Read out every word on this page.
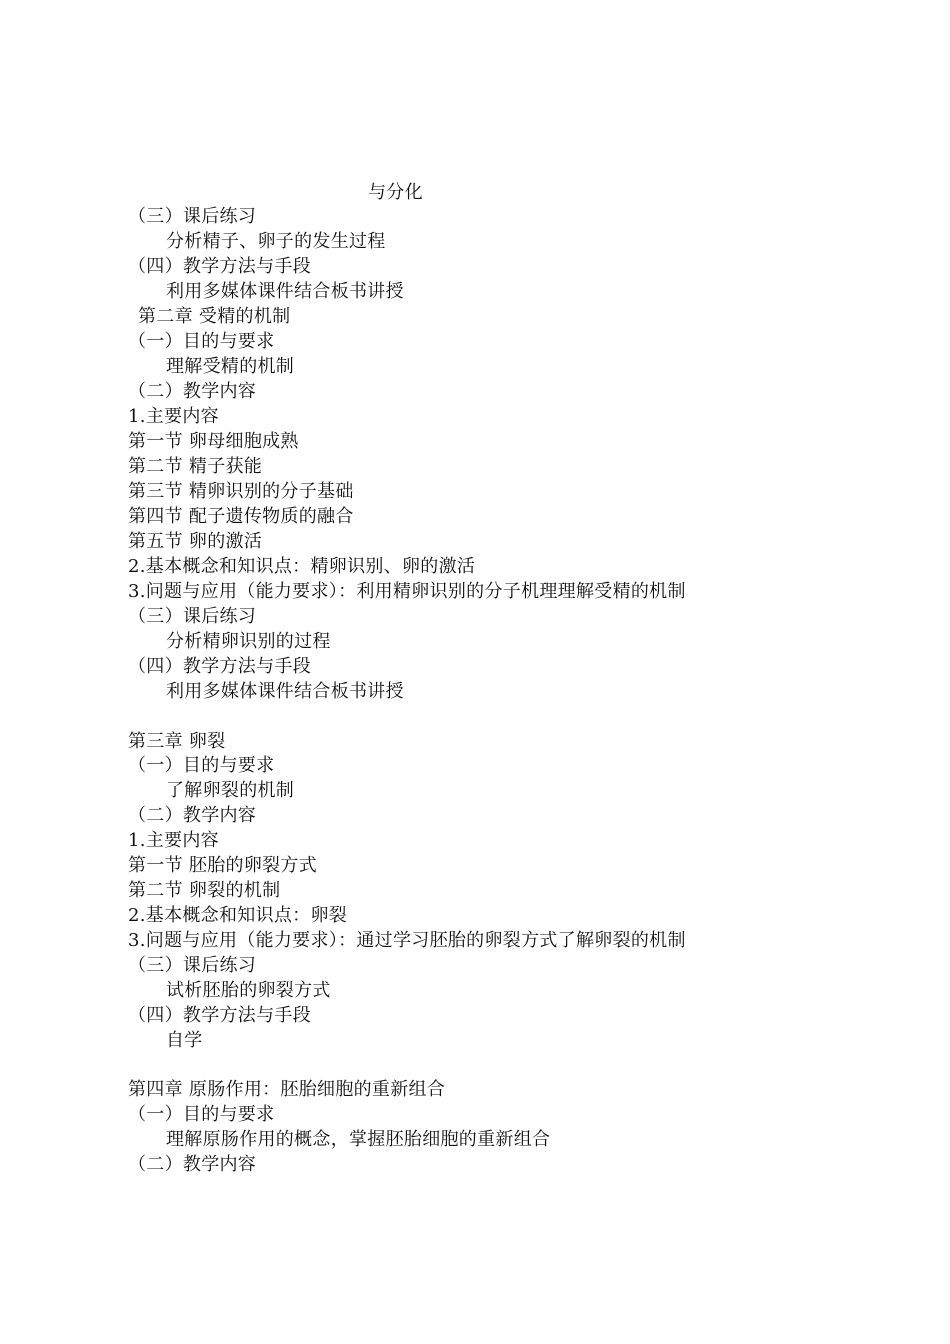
与分化
（三）课后练习
分析精子、卵子的发生过程
（四）教学方法与手段
利用多媒体课件结合板书讲授
第二章 受精的机制
（一）目的与要求
理解受精的机制
（二）教学内容
1.主要内容
第一节 卵母细胞成熟
第二节 精子获能
第三节 精卵识别的分子基础
第四节 配子遗传物质的融合
第五节 卵的激活
2.基本概念和知识点：精卵识别、卵的激活
3.问题与应用（能力要求）：利用精卵识别的分子机理理解受精的机制
（三）课后练习
分析精卵识别的过程
（四）教学方法与手段
利用多媒体课件结合板书讲授
第三章 卵裂
（一）目的与要求
了解卵裂的机制
（二）教学内容
1.主要内容
第一节 胚胎的卵裂方式
第二节 卵裂的机制
2.基本概念和知识点：卵裂
3.问题与应用（能力要求）：通过学习胚胎的卵裂方式了解卵裂的机制
（三）课后练习
试析胚胎的卵裂方式
（四）教学方法与手段
自学
第四章 原肠作用：胚胎细胞的重新组合
（一）目的与要求
理解原肠作用的概念，掌握胚胎细胞的重新组合
（二）教学内容
